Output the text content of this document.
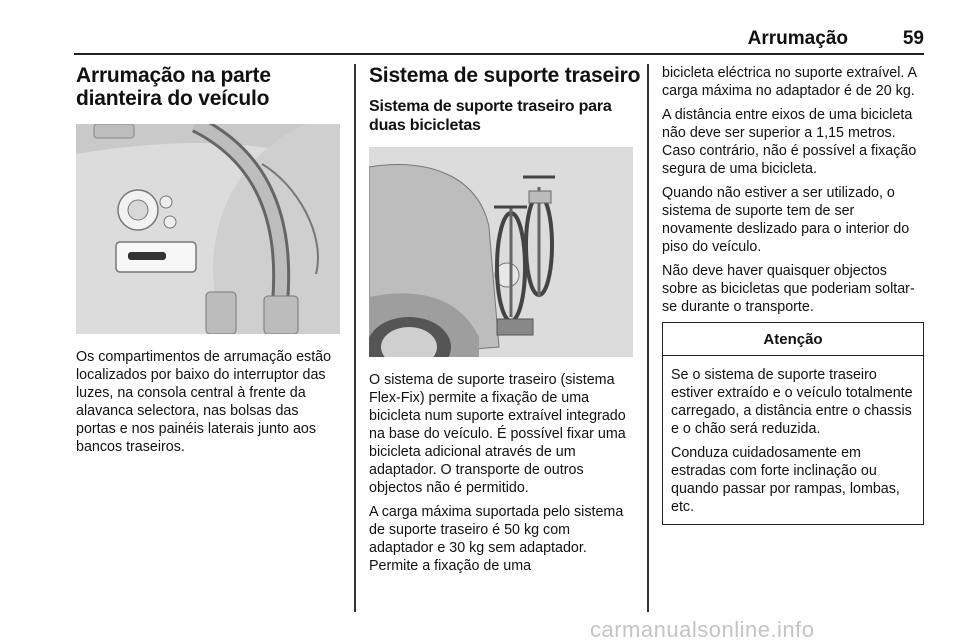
Arrumação	59
Arrumação na parte dianteira do veículo

Os compartimentos de arrumação estão localizados por baixo do interruptor das luzes, na consola central à frente da alavanca selectora, nas bolsas das portas e nos painéis laterais junto aos bancos traseiros.

Sistema de suporte traseiro
Sistema de suporte traseiro para duas bicicletas

O sistema de suporte traseiro (sistema Flex-Fix) permite a fixação de uma bicicleta num suporte extraível integrado na base do veículo. É possível fixar uma bicicleta adicional através de um adaptador. O transporte de outros objectos não é permitido.

A carga máxima suportada pelo sistema de suporte traseiro é 50 kg com adaptador e 30 kg sem adaptador. Permite a fixação de uma

bicicleta eléctrica no suporte extraível. A carga máxima no adaptador é de 20 kg.

A distância entre eixos de uma bicicleta não deve ser superior a 1,15 metros. Caso contrário, não é possível a fixação segura de uma bicicleta.

Quando não estiver a ser utilizado, o sistema de suporte tem de ser novamente deslizado para o interior do piso do veículo.

Não deve haver quaisquer objectos sobre as bicicletas que poderiam soltar-se durante o transporte.

Atenção

Se o sistema de suporte traseiro estiver extraído e o veículo totalmente carregado, a distância entre o chassis e o chão será reduzida.

Conduza cuidadosamente em estradas com forte inclinação ou quando passar por rampas, lombas, etc.

carmanualsonline.info
